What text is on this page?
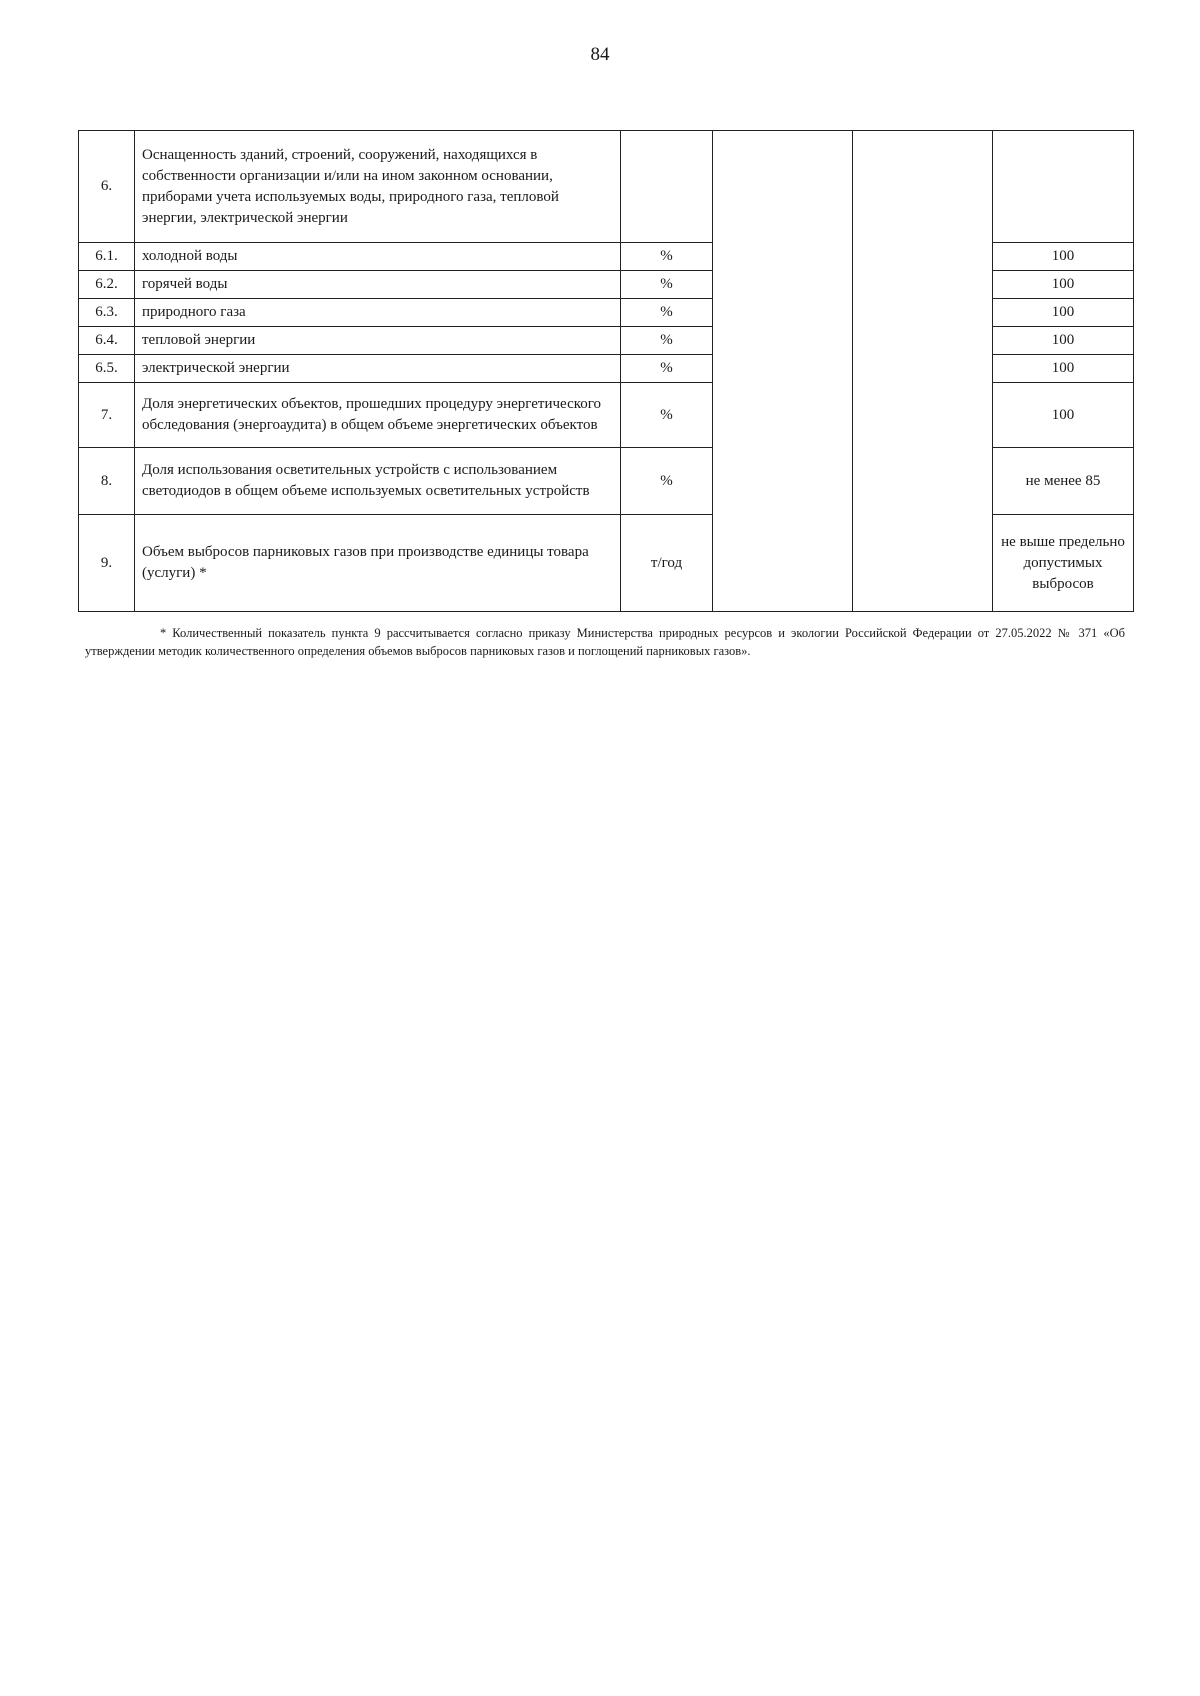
84
6.	Оснащенность зданий, строений, сооружений, находящихся в собственности организации и/или на ином законном основании, приборами учета используемых воды, природного газа, тепловой энергии, электрической энергии				
6.1.	холодной воды	%			100
6.2.	горячей воды	%			100
6.3.	природного газа	%			100
6.4.	тепловой энергии	%			100
6.5.	электрической энергии	%			100
7.	Доля энергетических объектов, прошедших процедуру энергетического обследования (энергоаудита) в общем объеме энергетических объектов	%			100
8.	Доля использования осветительных устройств с использованием светодиодов в общем объеме используемых осветительных устройств	%			не менее 85
9.	Объем выбросов парниковых газов при производстве единицы товара (услуги) *	т/год			не выше предельно допустимых выбросов
* Количественный показатель пункта 9 рассчитывается согласно приказу Министерства природных ресурсов и экологии Российской Федерации от 27.05.2022 № 371 «Об утверждении методик количественного определения объемов выбросов парниковых газов и поглощений парниковых газов».
